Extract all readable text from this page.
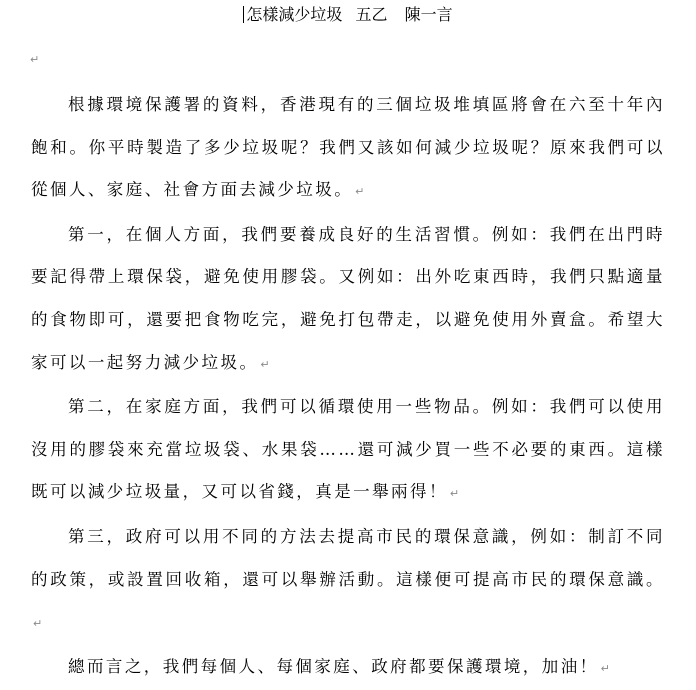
怎樣減少垃圾 五乙 陳一言
↵

根據環境保護署的資料，香港現有的三個垃圾堆填區將會在六至十年內飽和。你平時製造了多少垃圾呢？我們又該如何減少垃圾呢？原來我們可以從個人、家庭、社會方面去減少垃圾。 ↵

第一，在個人方面，我們要養成良好的生活習慣。例如：我們在出門時要記得帶上環保袋，避免使用膠袋。又例如：出外吃東西時，我們只點適量的食物即可，還要把食物吃完，避免打包帶走，以避免使用外賣盒。希望大家可以一起努力減少垃圾。 ↵

第二，在家庭方面，我們可以循環使用一些物品。例如：我們可以使用沒用的膠袋來充當垃圾袋、水果袋……還可減少買一些不必要的東西。這樣既可以減少垃圾量，又可以省錢，真是一舉兩得！ ↵

第三，政府可以用不同的方法去提高市民的環保意識，例如：制訂不同的政策，或設置回收箱，還可以舉辦活動。這樣便可提高市民的環保意識。↵

總而言之，我們每個人、每個家庭、政府都要保護環境，加油！ ↵
